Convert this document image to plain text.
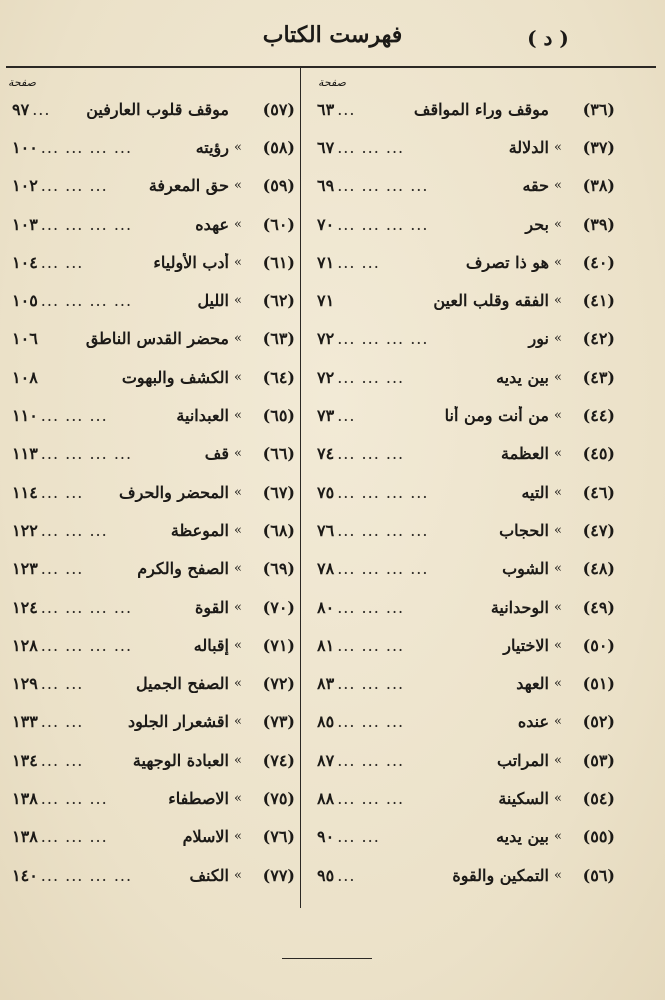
فهرست الكتاب	( د )
صفحة
صفحة
(٣٦)
موقف وراء المواقف
...
٦٣
(٣٧)
»
الدلالة
... ... ...
٦٧
(٣٨)
»
حقه
... ... ... ...
٦٩
(٣٩)
»
بحر
... ... ... ...
٧٠
(٤٠)
»
هو ذا تصرف
... ...
٧١
(٤١)
»
الفقه وقلب العين
٧١
(٤٢)
»
نور
... ... ... ...
٧٢
(٤٣)
»
بين يديه
... ... ...
٧٢
(٤٤)
»
من أنت ومن أنا
...
٧٣
(٤٥)
»
العظمة
... ... ...
٧٤
(٤٦)
»
التيه
... ... ... ...
٧٥
(٤٧)
»
الحجاب
... ... ... ...
٧٦
(٤٨)
»
الشوب
... ... ... ...
٧٨
(٤٩)
»
الوحدانية
... ... ...
٨٠
(٥٠)
»
الاختيار
... ... ...
٨١
(٥١)
»
العهد
... ... ...
٨٣
(٥٢)
»
عنده
... ... ...
٨٥
(٥٣)
»
المراتب
... ... ...
٨٧
(٥٤)
»
السكينة
... ... ...
٨٨
(٥٥)
»
بين يديه
... ...
٩٠
(٥٦)
»
التمكين والقوة
...
٩٥
(٥٧)
موقف قلوب العارفين
...
٩٧
(٥٨)
»
رؤيته
... ... ... ...
١٠٠
(٥٩)
»
حق المعرفة
... ... ...
١٠٢
(٦٠)
»
عهده
... ... ... ...
١٠٣
(٦١)
»
أدب الأولياء
... ...
١٠٤
(٦٢)
»
الليل
... ... ... ...
١٠٥
(٦٣)
»
محضر القدس الناطق
١٠٦
(٦٤)
»
الكشف والبهوت
١٠٨
(٦٥)
»
العبدانية
... ... ...
١١٠
(٦٦)
»
قف
... ... ... ...
١١٣
(٦٧)
»
المحضر والحرف
... ...
١١٤
(٦٨)
»
الموعظة
... ... ...
١٢٢
(٦٩)
»
الصفح والكرم
... ...
١٢٣
(٧٠)
»
القوة
... ... ... ...
١٢٤
(٧١)
»
إقباله
... ... ... ...
١٢٨
(٧٢)
»
الصفح الجميل
... ...
١٢٩
(٧٣)
»
اقشعرار الجلود
... ...
١٣٣
(٧٤)
»
العبادة الوجهية
... ...
١٣٤
(٧٥)
»
الاصطفاء
... ... ...
١٣٨
(٧٦)
»
الاسلام
... ... ...
١٣٨
(٧٧)
»
الكنف
... ... ... ...
١٤٠
